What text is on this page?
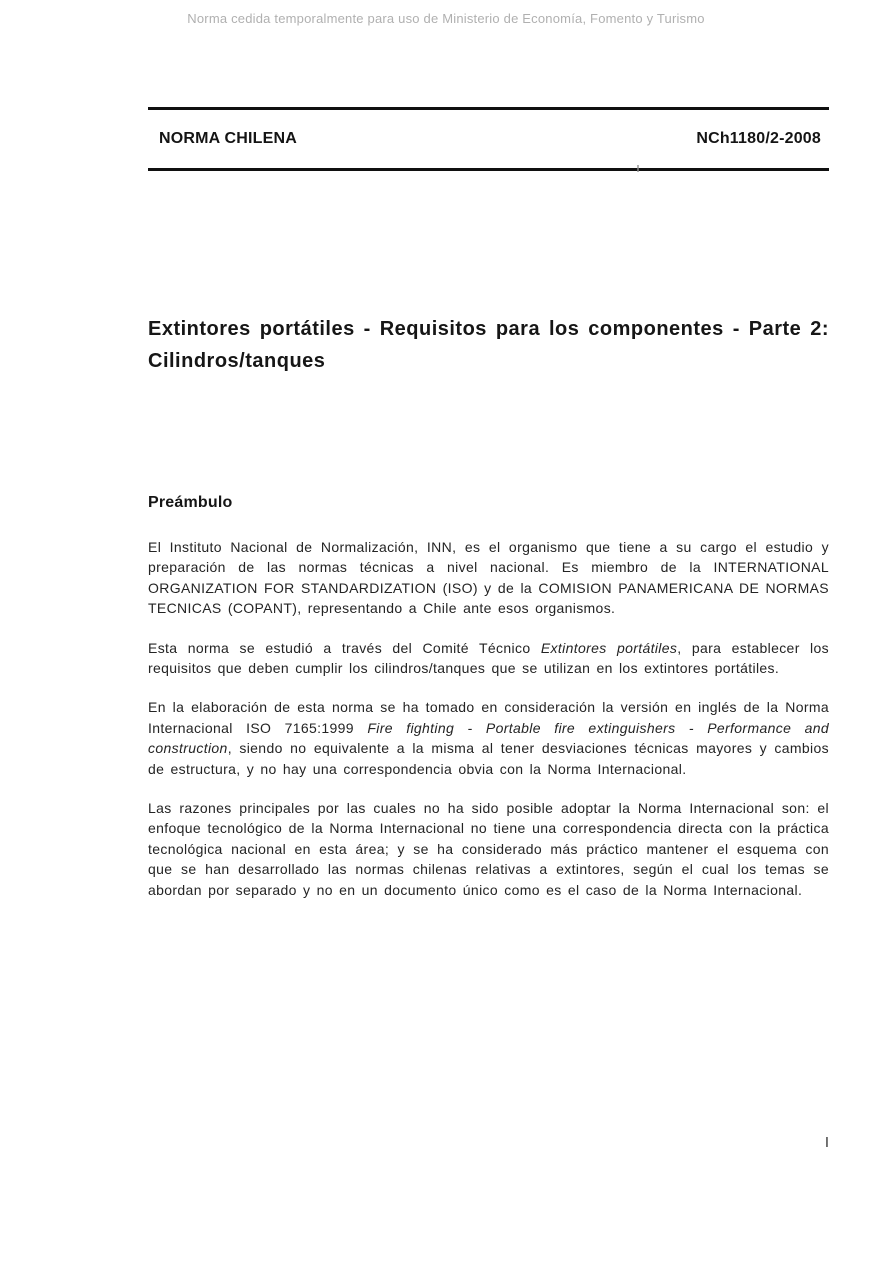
Norma cedida temporalmente para uso de Ministerio de Economía, Fomento y Turismo
NORMA CHILENA	NCh1180/2-2008
Extintores portátiles - Requisitos para los componentes - Parte 2: Cilindros/tanques
Preámbulo

El Instituto Nacional de Normalización, INN, es el organismo que tiene a su cargo el estudio y preparación de las normas técnicas a nivel nacional. Es miembro de la INTERNATIONAL ORGANIZATION FOR STANDARDIZATION (ISO) y de la COMISION PANAMERICANA DE NORMAS TECNICAS (COPANT), representando a Chile ante esos organismos.

Esta norma se estudió a través del Comité Técnico Extintores portátiles, para establecer los requisitos que deben cumplir los cilindros/tanques que se utilizan en los extintores portátiles.

En la elaboración de esta norma se ha tomado en consideración la versión en inglés de la Norma Internacional ISO 7165:1999 Fire fighting - Portable fire extinguishers - Performance and construction, siendo no equivalente a la misma al tener desviaciones técnicas mayores y cambios de estructura, y no hay una correspondencia obvia con la Norma Internacional.

Las razones principales por las cuales no ha sido posible adoptar la Norma Internacional son: el enfoque tecnológico de la Norma Internacional no tiene una correspondencia directa con la práctica tecnológica nacional en esta área; y se ha considerado más práctico mantener el esquema con que se han desarrollado las normas chilenas relativas a extintores, según el cual los temas se abordan por separado y no en un documento único como es el caso de la Norma Internacional.

I
